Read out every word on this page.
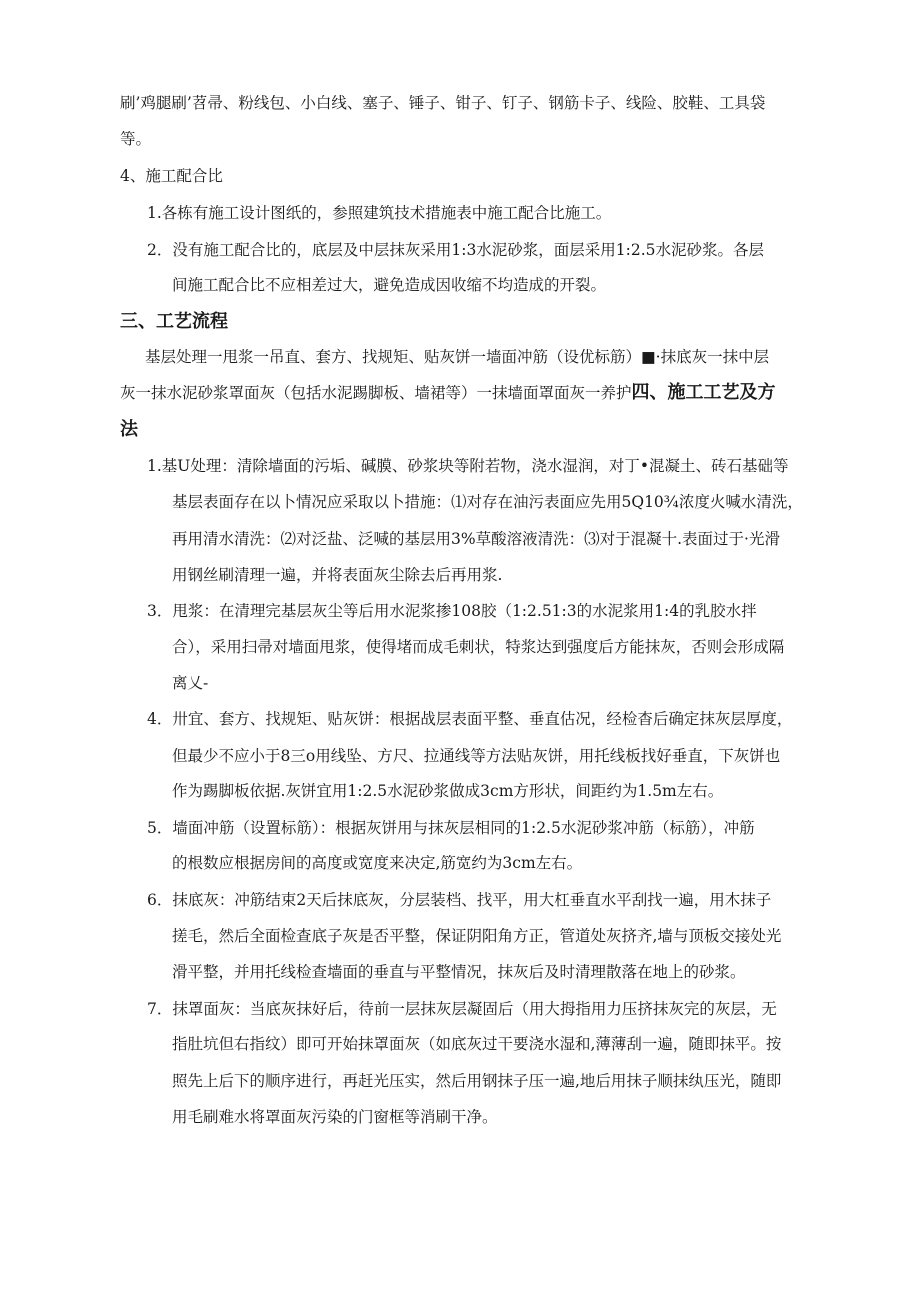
刷’鸡腿刷’苕帚、粉线包、小白线、塞子、锤子、钳子、钉子、钢筋卡子、线险、胶鞋、工具袋
等。
4、施工配合比
1.各栋有施工设计图纸的，参照建筑技术措施表中施工配合比施工。
2．没有施工配合比的，底层及中层抹灰采用1:3水泥砂浆，面层采用1:2.5水泥砂浆。各层
间施工配合比不应相差过大，避免造成因收缩不均造成的开裂。
三、工艺流程
基层处理一甩浆一吊直、套方、找规矩、贴灰饼一墙面冲筋（设优标筋）■·抹底灰一抹中层
灰一抹水泥砂浆罩面灰（包括水泥踢脚板、墙裙等）一抹墙面罩面灰一养护四、施工工艺及方
法
1.基U处理：清除墙面的污垢、碱膜、砂浆块等附若物，浇水湿润，对丁•混凝土、砖石基础等
基层表面存在以卜情况应采取以卜措施：⑴对存在油污表面应先用5Q10¾浓度火喊水清洗，
再用清水清洗：⑵对泛盐、泛喊的基层用3%草酸溶液清洗：⑶对于混凝十.表面过于·光滑
用钢丝刷清理一遍，并将表面灰尘除去后再用浆.
3．甩浆：在清理完基层灰尘等后用水泥浆掺108胶（1:2.51:3的水泥浆用1:4的乳胶水拌
合），采用扫帚对墙面甩浆，使得堵而成毛刺状，特浆达到强度后方能抹灰，否则会形成隔
离乂-
4．卅宜、套方、找规矩、贴灰饼：根据战层表面平整、垂直估况，经检杳后确定抹灰层厚度，
但最少不应小于8三o用线坠、方尺、拉通线等方法贴灰饼，用托线板找好垂直，下灰饼也
作为踢脚板依据.灰饼宜用1:2.5水泥砂浆做成3cm方形状，间距约为1.5m左右。
5．墙面冲筋（设置标筋）：根据灰饼用与抹灰层相同的1:2.5水泥砂浆冲筋（标筋），冲筋
的根数应根据房间的高度或宽度来决定,筋宽约为3cm左右。
6．抹底灰：冲筋结束2天后抹底灰，分层装档、找平，用大杠垂直水平刮找一遍，用木抹子
搓毛，然后全面检查底子灰是否平整，保证阴阳角方正，管道处灰挤齐,墙与顶板交接处光
滑平整，并用托线检查墙面的垂直与平整情况，抹灰后及时清理散落在地上的砂浆。
7．抹罩面灰：当底灰抹好后，待前一层抹灰层凝固后（用大拇指用力压挤抹灰完的灰层，无
指肚坑但右指纹）即可开始抹罩面灰（如底灰过干要浇水湿和,薄薄刮一遍，随即抹平。按
照先上后下的顺序进行，再赶光压实，然后用钢抹子压一遍,地后用抹子顺抹纨压光，随即
用毛刷难水将罩面灰污染的门窗框等消刷干净。
